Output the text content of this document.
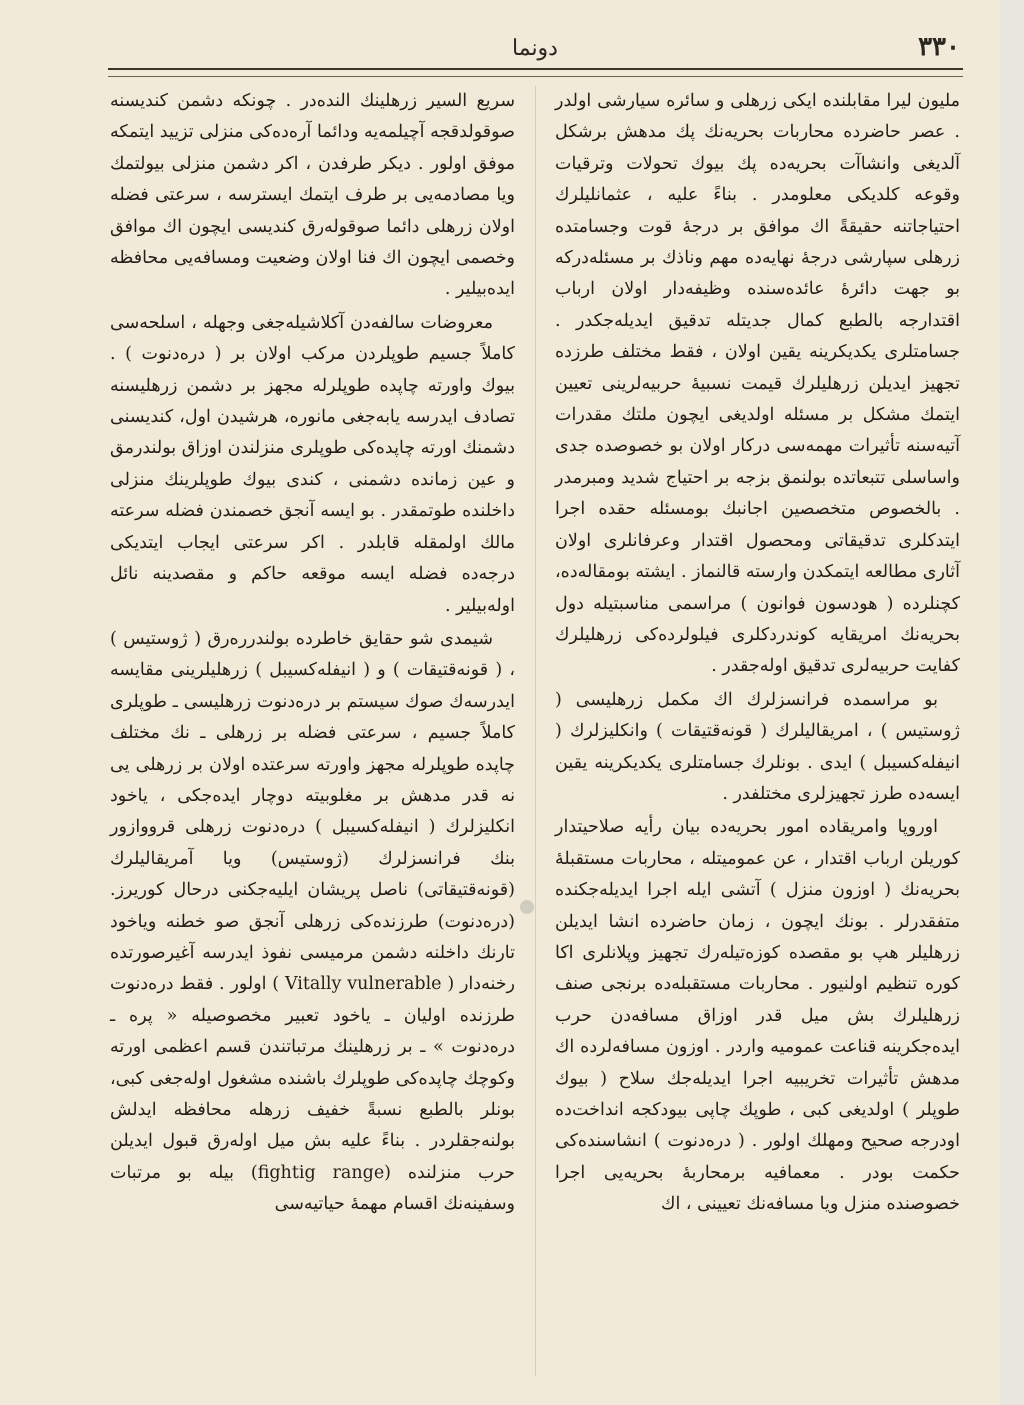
٣٣٠
دونما

مليون ليرا مقابلنده ايكى زرهلى و سائره سيارشى ا‌ولدر . عصر حاضرده محاربات بحريه‌نك پك مدهش برشكل آلديغى وانشاآت بحريه‌ده پك بيوك تحولات وترقيات وقوعه كلديكى معلومدر . بناءً عليه ، عثمانليلرك احتياجاتنه حقيقةً اك موافق بر درجهٔ قوت وجسامتده زرهلى سپارشى درجهٔ نهايه‌ده مهم وناذك بر مسئله‌دركه بو جهت دائرهٔ عائده‌سنده وظيفه‌دار اولان ارباب اقتدارجه بالطبع كمال جديتله تدقيق ايديله‌جكدر . جسامتلرى يكديكرينه يقين اولان ، فقط مختلف طرزده تجهيز ايديلن زرهليلرك قيمت نسبيهٔ حربيه‌لرينى تعيين ايتمك مشكل بر مسئله اولديغى ايچون ملتك مقدرات آتيه‌سنه تأثيرات مهمه‌سى دركار اولان بو خصوصده جدى واساسلى تتبعاتده بولنمق بزجه بر احتياج شديد ومبرمدر . بالخصوص متخصصين اجانبك بومسئله حقده اجرا ايتدكلرى تدقيقاتى ومحصول اقتدار وعرفانلرى اولان آثارى مطالعه ايتمكدن وارسته قالنماز . ايشته بومقاله‌ده، كچنلرده ( هودسون فوانون ) مراسمى مناسبتيله دول بحريه‌نك امريقايه كوندردكلرى فيلولرده‌كى زرهليلرك كفايت حربيه‌لرى تدقيق اوله‌جقدر .

بو مراسمده فرانسزلرك اك مكمل زرهليسى ( ژوستيس ) ، امريقاليلرك ( قونه‌قتيقات ) وانكليزلرك ( انيفله‌كسيبل ) ايدى . بونلرك جسامتلرى يكديكرينه يقين ايسه‌ده طرز تجهيزلرى مختلفدر .

اوروپا وامريقاده امور بحريه‌ده بيان رأيه صلاحيتدار كوريلن ارباب اقتدار ، عن عموميتله ، محاربات مستقبلهٔ بحريه‌نك ( اوزون منزل ) آتشى ايله اجرا ايديله‌جكنده متفقدرلر . بونك ايچون ، زمان حاضرده انشا ايديلن زرهليلر هپ بو مقصده كوزه‌تيله‌رك تجهيز وپلانلرى اكا كوره تنظيم اولنيور . محاربات مستقبله‌ده برنجى صنف زرهليلرك بش ميل قدر اوزاق مسافه‌دن حرب ايده‌جكرينه قناعت عموميه واردر . اوزون مسافه‌لرده اك مدهش تأثيرات تخريبيه اجرا ايديله‌جك سلاح ( بيوك طوپلر ) اولديغى كبى ، طوپك چاپى بيودكجه انداخت‌ده اودرجه صحيح ومهلك اولور . ( دره‌دنوت ) انشاسنده‌كى حكمت بودر . معمافيه برمحاربهٔ بحريه‌يى اجرا خصوصنده منزل ويا مسافه‌نك تعيينى ، اك

سريع السير زرهلينك النده‌در . چونكه دشمن كنديسنه صوقولدقجه آچيلمه‌يه ودائما آره‌ده‌كى منزلى تزييد ايتمكه موفق اولور . ديكر طرفدن ، اكر دشمن منزلى بيولتمك ويا مصادمه‌يى بر طرف ايتمك ايسترسه ، سرعتى فضله اولان زرهلى دائما صوقوله‌رق كنديسى ايچون اك موافق وخصمى ايچون اك فنا اولان وضعيت ومسافه‌يى محافظه ايده‌بيلير .

معروضات سالفه‌دن آكلاشيله‌جغى وجهله ، اسلحه‌سى كاملاً جسيم طوپلردن مركب اولان بر ( دره‌دنوت ) . بيوك واورته چاپده طوپلرله مجهز بر دشمن زرهليسنه تصادف ايدرسه يابه‌جغى مانوره، هرشيدن اول، كنديسنى دشمنك اورته چاپده‌كى طوپلرى منزلندن اوزاق بولندرمق و عين زمانده دشمنى ، كندى بيوك طوپلرينك منزلى داخلنده طوتمقدر . بو ايسه آنجق خصمندن فضله سرعته مالك اولمقله قابلدر . اكر سرعتى ايجاب ايتديكى درجه‌ده فضله ايسه موقعه حاكم و مقصدينه نائل اوله‌بيلير .

شيمدى شو حقايق خاطرده بولندرره‌رق ( ژوستيس ) ، ( قونه‌قتيقات ) و ( انيفله‌كسيبل ) زرهليلرينى مقايسه ايدرسه‌ك صوك سيستم بر دره‌دنوت زرهليسى ـ طوپلرى كاملاً جسيم ، سرعتى فضله بر زرهلى ـ نك مختلف چاپده طوپلرله مجهز واورته سرعتده اولان بر زرهلى يى نه قدر مدهش بر مغلوبيته دوچار ايده‌جكى ، ياخود انكليزلرك ( انيفله‌كسيبل ) دره‌دنوت زرهلى قرووازور بنك فرانسزلرك (ژوستيس) ويا آمريقاليلرك (قونه‌قتيقاتى) ناصل پريشان ايليه‌جكنى درحال كوريرز. (دره‌دنوت) طرزنده‌كى زرهلى آنجق صو خطنه وياخود تارنك داخلنه دشمن مرميسى نفوذ ايدرسه آغيرصورتده رخنه‌دار ( Vitally vulnerable ) اولور . فقط دره‌دنوت طرزنده اوليان ـ ياخود تعبير مخصوصيله « پره ـ دره‌دنوت » ـ بر زرهلينك مرتباتندن قسم اعظمى اورته وكوچك چاپده‌كى طوپلرك باشنده مشغول اوله‌جغى كبى، بونلر بالطبع نسبةً خفيف زرهله محافظه ايدلش بولنه‌جقلردر . بناءً عليه بش ميل اوله‌رق قبول ايديلن حرب منزلنده (fightig range) بيله بو مرتبات وسفينه‌نك اقسام مهمهٔ حياتيه‌سى
